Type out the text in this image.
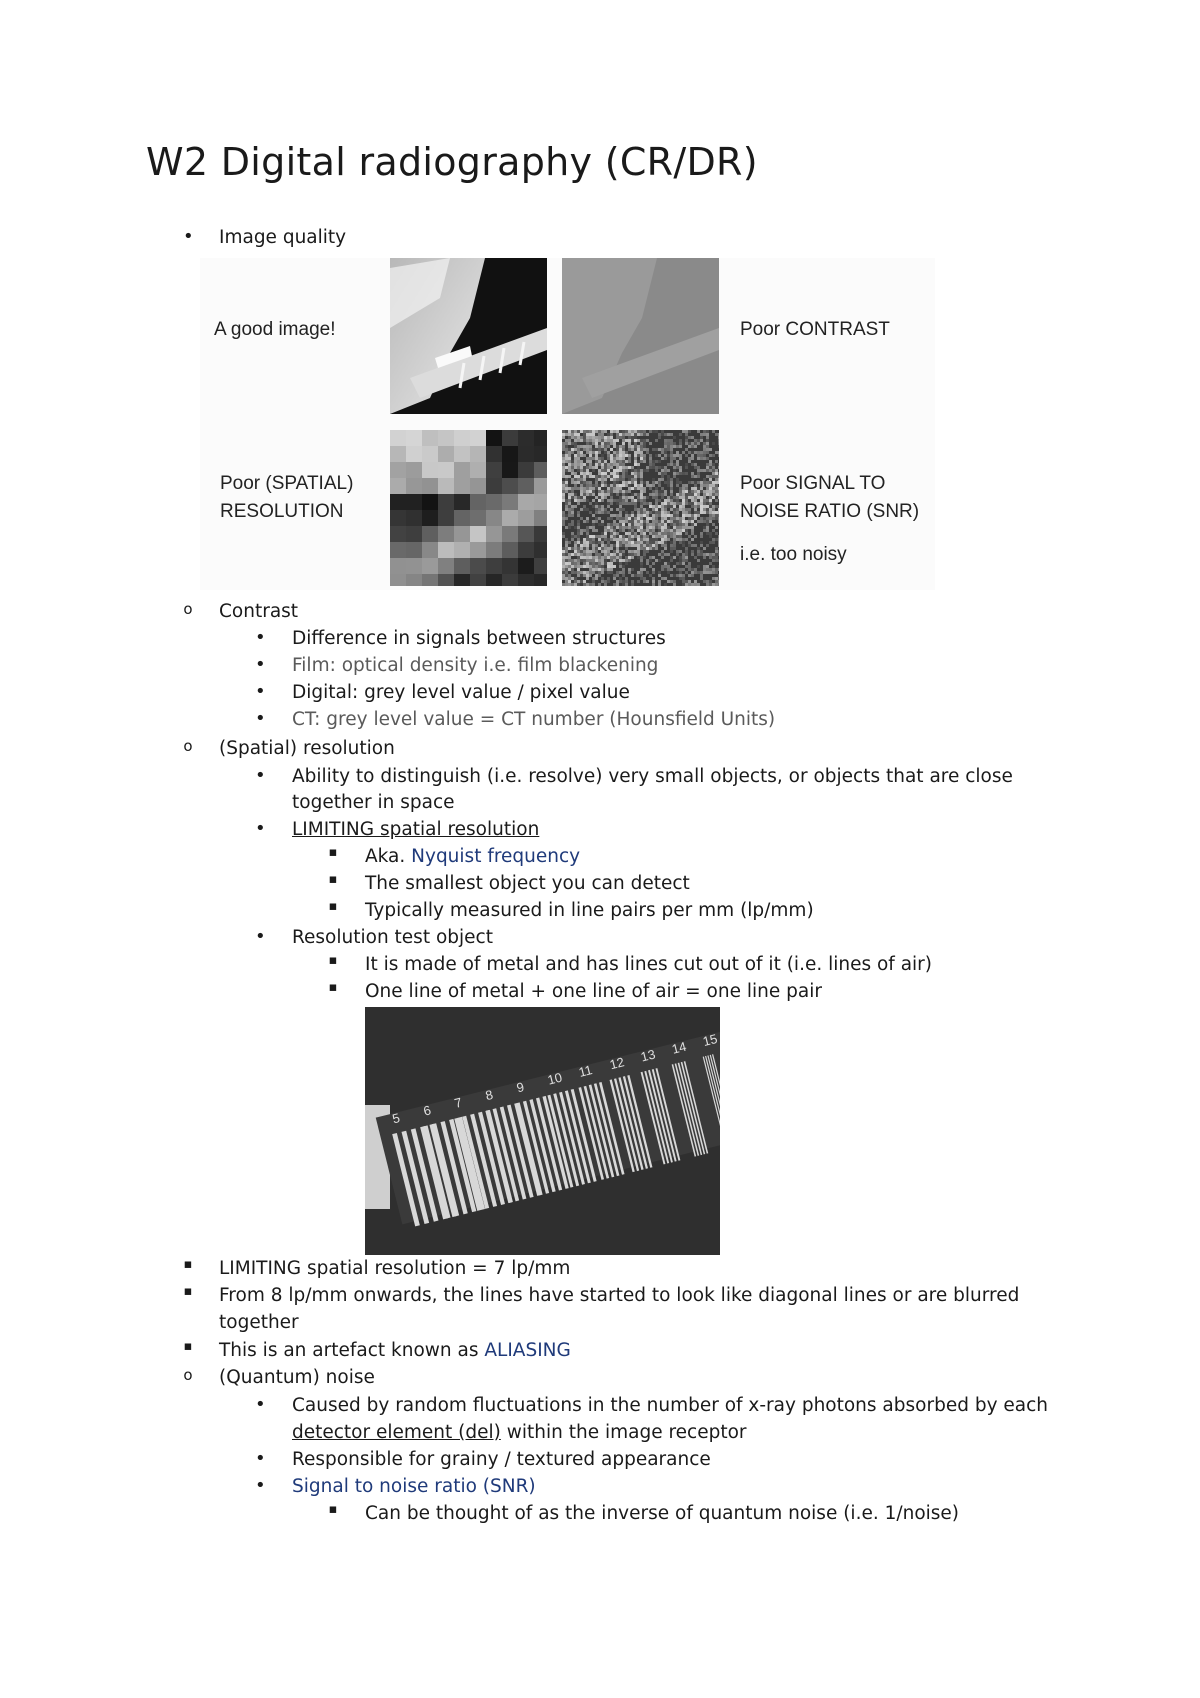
W2 Digital radiography (CR/DR)
• Image quality
A good image!	Poor CONTRAST
Poor (SPATIAL)
RESOLUTION
Poor SIGNAL TO
NOISE RATIO (SNR)
i.e. too noisy
o Contrast
• Difference in signals between structures
• Film: optical density i.e. film blackening
• Digital: grey level value / pixel value
• CT: grey level value = CT number (Hounsfield Units)
o (Spatial) resolution
• Ability to distinguish (i.e. resolve) very small objects, or objects that are close
together in space
• LIMITING spatial resolution
▪ Aka. Nyquist frequency
▪ The smallest object you can detect
▪ Typically measured in line pairs per mm (lp/mm)
• Resolution test object
▪ It is made of metal and has lines cut out of it (i.e. lines of air)
▪ One line of metal + one line of air = one line pair
5 6 7 8 9 10 11 12 13 14 15
▪ LIMITING spatial resolution = 7 lp/mm
▪ From 8 lp/mm onwards, the lines have started to look like diagonal lines or are blurred
together
▪ This is an artefact known as ALIASING
o (Quantum) noise
• Caused by random fluctuations in the number of x-ray photons absorbed by each
detector element (del) within the image receptor
• Responsible for grainy / textured appearance
• Signal to noise ratio (SNR)
▪ Can be thought of as the inverse of quantum noise (i.e. 1/noise)
